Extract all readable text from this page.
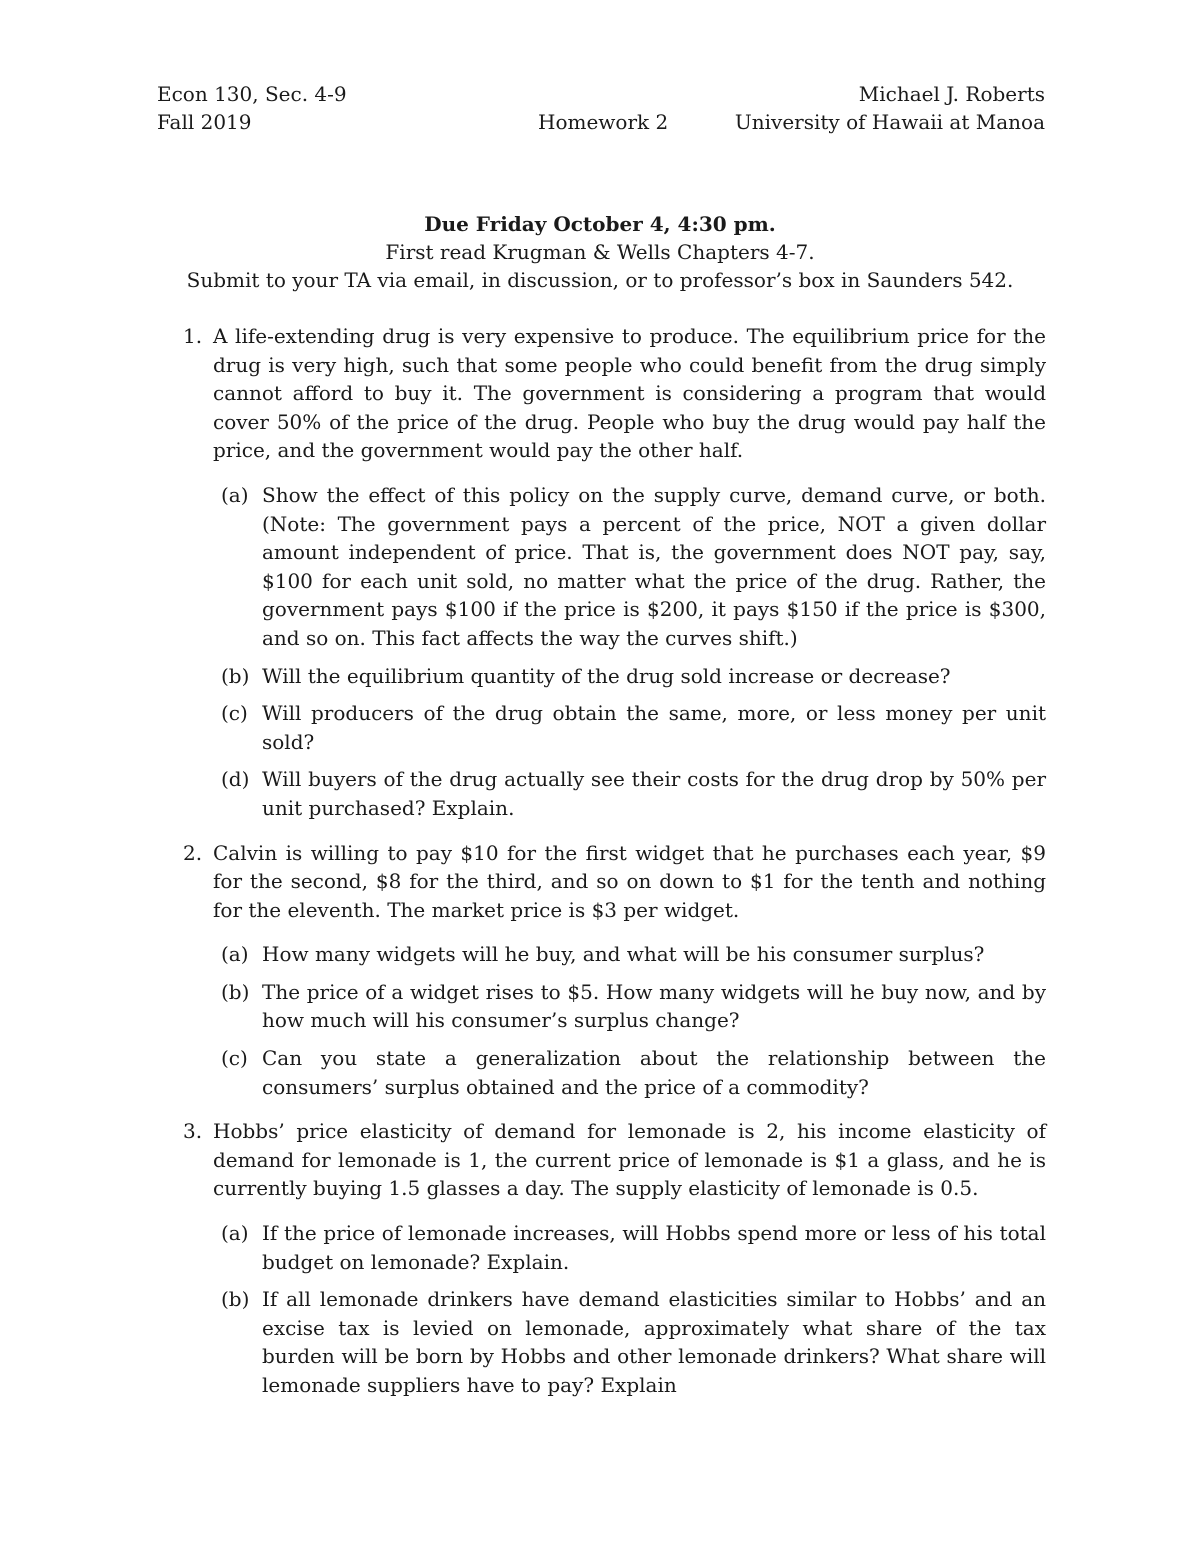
Econ 130, Sec. 4-9
Fall 2019	Homework 2
Michael J. Roberts
University of Hawaii at Manoa
Due Friday October 4, 4:30 pm.
First read Krugman & Wells Chapters 4-7.
Submit to your TA via email, in discussion, or to professor’s box in Saunders 542.
1. A life-extending drug is very expensive to produce. The equilibrium price for the drug is very high, such that some people who could benefit from the drug simply cannot afford to buy it. The government is considering a program that would cover 50% of the price of the drug. People who buy the drug would pay half the price, and the government would pay the other half.
(a) Show the effect of this policy on the supply curve, demand curve, or both. (Note: The government pays a percent of the price, NOT a given dollar amount independent of price. That is, the government does NOT pay, say, $100 for each unit sold, no matter what the price of the drug. Rather, the government pays $100 if the price is $200, it pays $150 if the price is $300, and so on. This fact affects the way the curves shift.)
(b) Will the equilibrium quantity of the drug sold increase or decrease?
(c) Will producers of the drug obtain the same, more, or less money per unit sold?
(d) Will buyers of the drug actually see their costs for the drug drop by 50% per unit purchased? Explain.
2. Calvin is willing to pay $10 for the first widget that he purchases each year, $9 for the second, $8 for the third, and so on down to $1 for the tenth and nothing for the eleventh. The market price is $3 per widget.
(a) How many widgets will he buy, and what will be his consumer surplus?
(b) The price of a widget rises to $5. How many widgets will he buy now, and by how much will his consumer’s surplus change?
(c) Can you state a generalization about the relationship between the consumers’ surplus obtained and the price of a commodity?
3. Hobbs’ price elasticity of demand for lemonade is 2, his income elasticity of demand for lemonade is 1, the current price of lemonade is $1 a glass, and he is currently buying 1.5 glasses a day. The supply elasticity of lemonade is 0.5.
(a) If the price of lemonade increases, will Hobbs spend more or less of his total budget on lemonade? Explain.
(b) If all lemonade drinkers have demand elasticities similar to Hobbs’ and an excise tax is levied on lemonade, approximately what share of the tax burden will be born by Hobbs and other lemonade drinkers? What share will lemonade suppliers have to pay? Explain
